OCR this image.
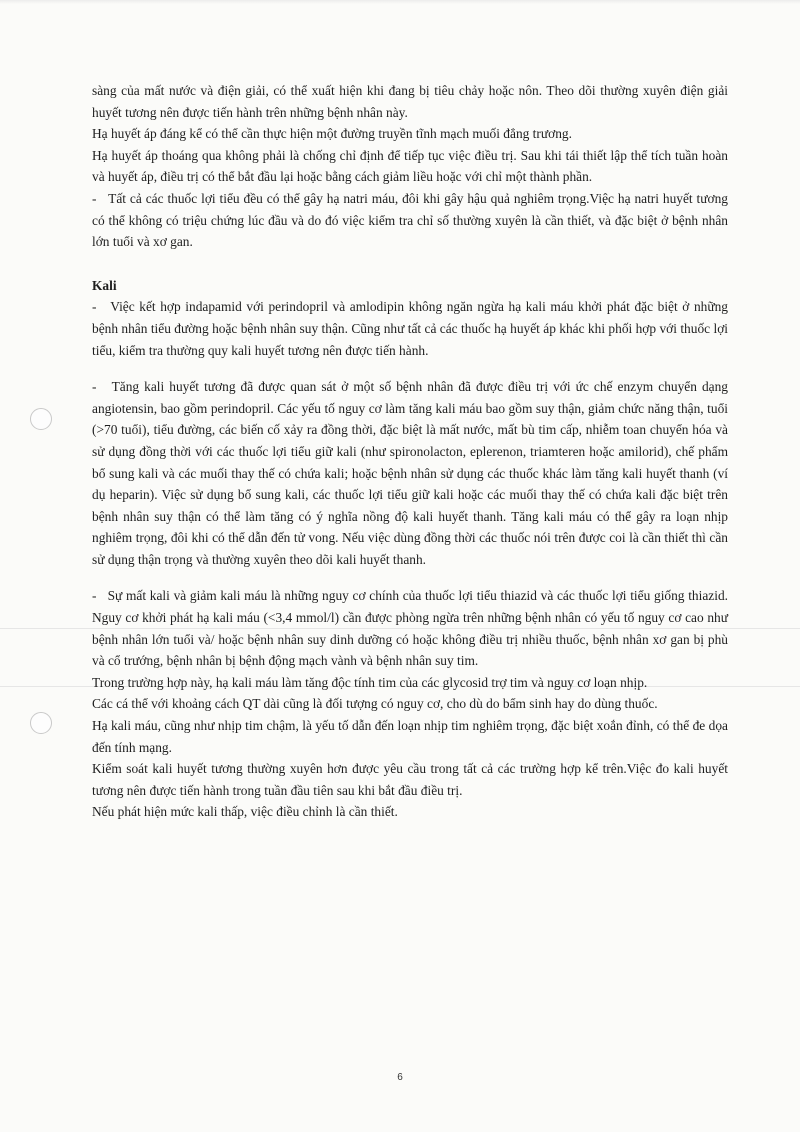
sàng của mất nước và điện giải, có thể xuất hiện khi đang bị tiêu chảy hoặc nôn. Theo dõi thường xuyên điện giải huyết tương nên được tiến hành trên những bệnh nhân này.

Hạ huyết áp đáng kể có thể cần thực hiện một đường truyền tĩnh mạch muối đẳng trương.

Hạ huyết áp thoáng qua không phải là chống chỉ định để tiếp tục việc điều trị. Sau khi tái thiết lập thể tích tuần hoàn và huyết áp, điều trị có thể bắt đầu lại hoặc bằng cách giảm liều hoặc với chỉ một thành phần.

-   Tất cả các thuốc lợi tiểu đều có thể gây hạ natri máu, đôi khi gây hậu quả nghiêm trọng.Việc hạ natri huyết tương có thể không có triệu chứng lúc đầu và do đó việc kiểm tra chỉ số thường xuyên là cần thiết, và đặc biệt ở bệnh nhân lớn tuổi và xơ gan.

Kali

-   Việc kết hợp indapamid với perindopril và amlodipin không ngăn ngừa hạ kali máu khởi phát đặc biệt ở những bệnh nhân tiểu đường hoặc bệnh nhân suy thận. Cũng như tất cả các thuốc hạ huyết áp khác khi phối hợp với thuốc lợi tiểu, kiểm tra thường quy kali huyết tương nên được tiến hành.

-   Tăng kali huyết tương đã được quan sát ở một số bệnh nhân đã được điều trị với ức chế enzym chuyển dạng angiotensin, bao gồm perindopril. Các yếu tố nguy cơ làm tăng kali máu bao gồm suy thận, giảm chức năng thận, tuổi (>70 tuổi), tiểu đường, các biến cố xảy ra đồng thời, đặc biệt là mất nước, mất bù tim cấp, nhiễm toan chuyển hóa và sử dụng đồng thời với các thuốc lợi tiểu giữ kali (như spironolacton, eplerenon, triamteren hoặc amilorid), chế phẩm bổ sung kali và các muối thay thế có chứa kali; hoặc bệnh nhân sử dụng các thuốc khác làm tăng kali huyết thanh (ví dụ heparin). Việc sử dụng bổ sung kali, các thuốc lợi tiểu giữ kali hoặc các muối thay thế có chứa kali đặc biệt trên bệnh nhân suy thận có thể làm tăng có ý nghĩa nồng độ kali huyết thanh. Tăng kali máu có thể gây ra loạn nhịp nghiêm trọng, đôi khi có thể dẫn đến tử vong. Nếu việc dùng đồng thời các thuốc nói trên được coi là cần thiết thì cần sử dụng thận trọng và thường xuyên theo dõi kali huyết thanh.

-   Sự mất kali và giảm kali máu là những nguy cơ chính của thuốc lợi tiểu thiazid và các thuốc lợi tiểu giống thiazid. Nguy cơ khởi phát hạ kali máu (<3,4 mmol/l) cần được phòng ngừa trên những bệnh nhân có yếu tố nguy cơ cao như bệnh nhân lớn tuổi và/ hoặc bệnh nhân suy dinh dưỡng có hoặc không điều trị nhiều thuốc, bệnh nhân xơ gan bị phù và cổ trướng, bệnh nhân bị bệnh động mạch vành và bệnh nhân suy tim.

Trong trường hợp này, hạ kali máu làm tăng độc tính tim của các glycosid trợ tim và nguy cơ loạn nhịp.

Các cá thể với khoảng cách QT dài cũng là đối tượng có nguy cơ, cho dù do bẩm sinh hay do dùng thuốc.

Hạ kali máu, cũng như nhịp tim chậm, là yếu tố dẫn đến loạn nhịp tim nghiêm trọng, đặc biệt xoắn đỉnh, có thể đe dọa đến tính mạng.

Kiểm soát kali huyết tương thường xuyên hơn được yêu cầu trong tất cả các trường hợp kể trên.Việc đo kali huyết tương nên được tiến hành trong tuần đầu tiên sau khi bắt đầu điều trị.

Nếu phát hiện mức kali thấp, việc điều chỉnh là cần thiết.

6
